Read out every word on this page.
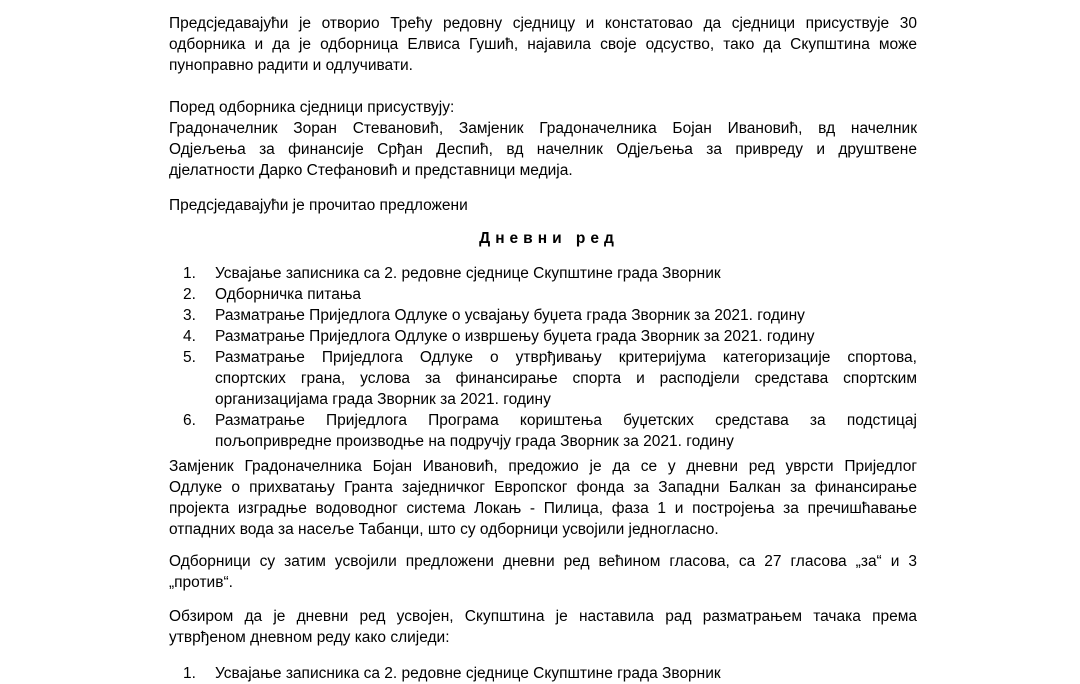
Предсједавајући је отворио Трећу редовну сједницу и констатовао да сједници присуствује 30
одборника и да је одборница Елвиса Гушић, најавила своје одсуство, тако да Скупштина може
пуноправно радити и одлучивати.

Поред одборника сједници присуствују:
Градоначелник Зоран Стевановић, Замјеник Градоначелника Бојан Ивановић, вд начелник
Одјељења за финансије Срђан Деспић, вд начелник Одјељења за привреду и друштвене
дјелатности Дарко Стефановић и представници медија.

Предсједавајући је прочитао предложени

Дневни ред

1. Усвајање записника са 2. редовне сједнице Скупштине града Зворник
2. Одборничка питања
3. Разматрање Приједлога Одлуке о усвајању буџета града Зворник за 2021. годину
4. Разматрање Приједлога Одлуке о извршењу буџета града Зворник за 2021. годину
5. Разматрање Приједлога Одлуке о утврђивању критеријума категоризације спортова,
спортских грана, услова за финансирање спорта и расподјели средстава спортским
организацијама града Зворник за 2021. годину
6. Разматрање Приједлога Програма кориштења буџетских средстава за подстицај
пољопривредне производње на подручју града Зворник за 2021. годину

Замјеник Градоначелника Бојан Ивановић, предожио је да се у дневни ред уврсти Приједлог
Одлуке о прихватању Гранта заједничког Европског фонда за Западни Балкан за финансирање
пројекта изградње водоводног система Локањ - Пилица, фаза 1 и постројења за пречишћавање
отпадних вода за насеље Табанци, што су одборници усвојили једногласно.

Одборници су затим усвојили предложени дневни ред већином гласова, са 27 гласова „за“ и 3
„против“.

Обзиром да је дневни ред усвојен, Скупштина је наставила рад разматрањем тачака према
утврђеном дневном реду како слиједи:

1. Усвајање записника са 2. редовне сједнице Скупштине града Зворник
